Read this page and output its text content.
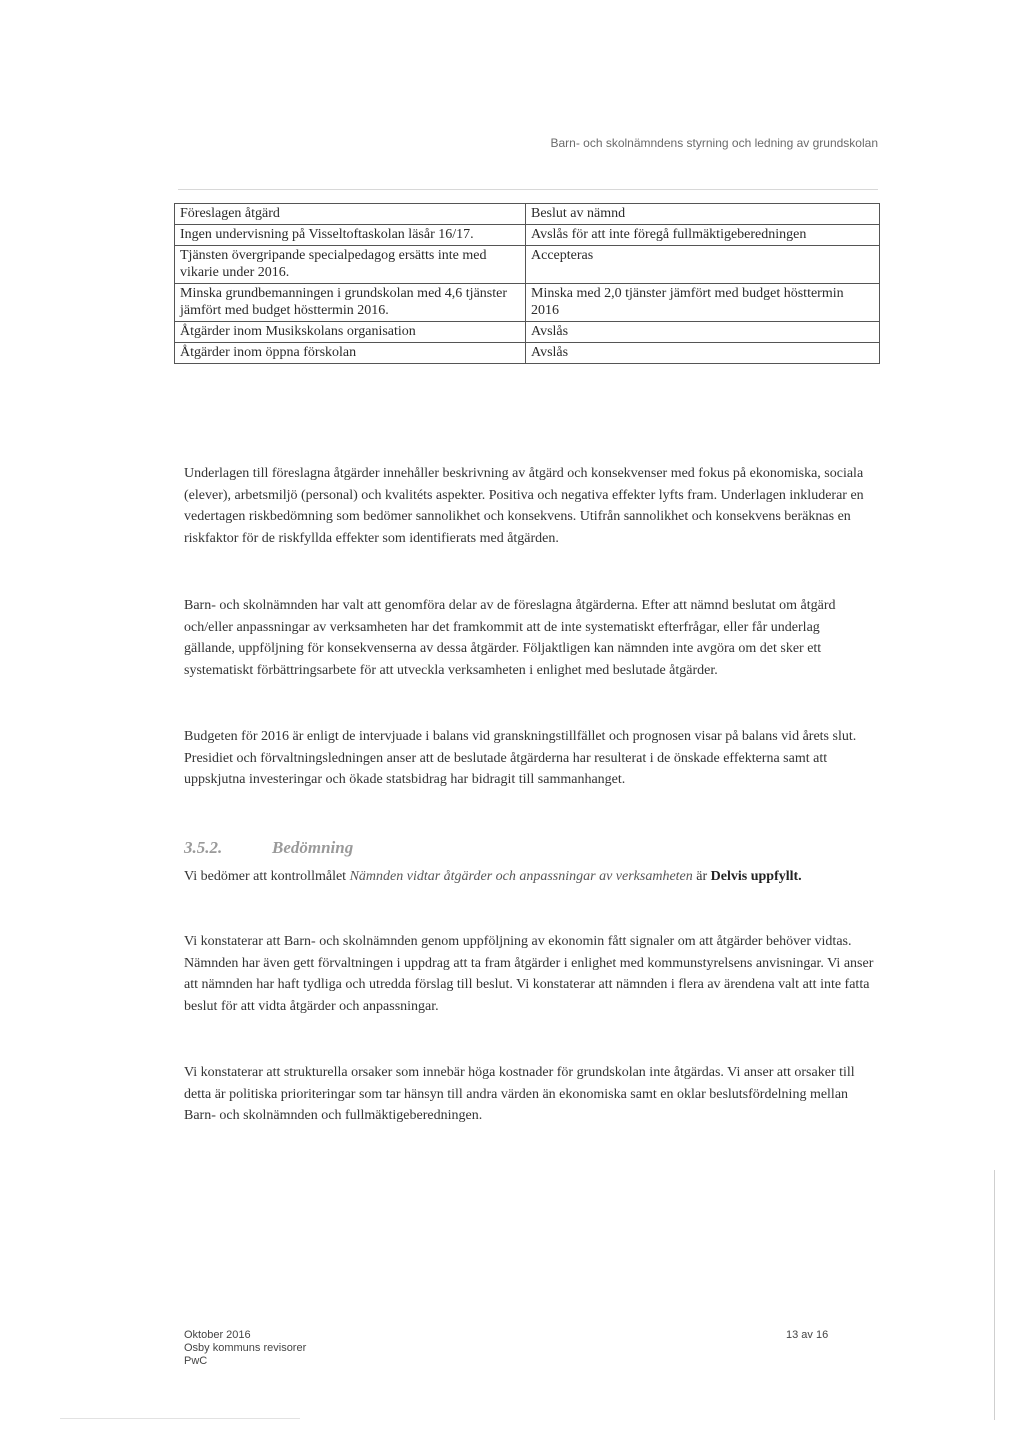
Barn- och skolnämndens styrning och ledning av grundskolan
Föreslagen åtgärd	Beslut av nämnd
Ingen undervisning på Visseltoftaskolan läsår 16/17.	Avslås för att inte föregå fullmäktigeberedningen
Tjänsten övergripande specialpedagog ersätts inte med vikarie under 2016.	Accepteras
Minska grundbemanningen i grundskolan med 4,6 tjänster jämfört med budget hösttermin 2016.	Minska med 2,0 tjänster jämfört med budget hösttermin 2016
Åtgärder inom Musikskolans organisation	Avslås
Åtgärder inom öppna förskolan	Avslås

Underlagen till föreslagna åtgärder innehåller beskrivning av åtgärd och konsekvenser med fokus på ekonomiska, sociala (elever), arbetsmiljö (personal) och kvalitéts aspekter. Positiva och negativa effekter lyfts fram. Underlagen inkluderar en vedertagen riskbedömning som bedömer sannolikhet och konsekvens. Utifrån sannolikhet och konsekvens beräknas en riskfaktor för de riskfyllda effekter som identifierats med åtgärden.

Barn- och skolnämnden har valt att genomföra delar av de föreslagna åtgärderna. Efter att nämnd beslutat om åtgärd och/eller anpassningar av verksamheten har det framkommit att de inte systematiskt efterfrågar, eller får underlag gällande, uppföljning för konsekvenserna av dessa åtgärder. Följaktligen kan nämnden inte avgöra om det sker ett systematiskt förbättringsarbete för att utveckla verksamheten i enlighet med beslutade åtgärder.

Budgeten för 2016 är enligt de intervjuade i balans vid granskningstillfället och prognosen visar på balans vid årets slut. Presidiet och förvaltningsledningen anser att de beslutade åtgärderna har resulterat i de önskade effekterna samt att uppskjutna investeringar och ökade statsbidrag har bidragit till sammanhanget.

3.5.2.	Bedömning

Vi bedömer att kontrollmålet Nämnden vidtar åtgärder och anpassningar av verksamheten är Delvis uppfyllt.

Vi konstaterar att Barn- och skolnämnden genom uppföljning av ekonomin fått signaler om att åtgärder behöver vidtas. Nämnden har även gett förvaltningen i uppdrag att ta fram åtgärder i enlighet med kommunstyrelsens anvisningar. Vi anser att nämnden har haft tydliga och utredda förslag till beslut. Vi konstaterar att nämnden i flera av ärendena valt att inte fatta beslut för att vidta åtgärder och anpassningar.

Vi konstaterar att strukturella orsaker som innebär höga kostnader för grundskolan inte åtgärdas. Vi anser att orsaker till detta är politiska prioriteringar som tar hänsyn till andra värden än ekonomiska samt en oklar beslutsfördelning mellan Barn- och skolnämnden och fullmäktigeberedningen.

Oktober 2016
Osby kommuns revisorer
PwC
13 av 16
